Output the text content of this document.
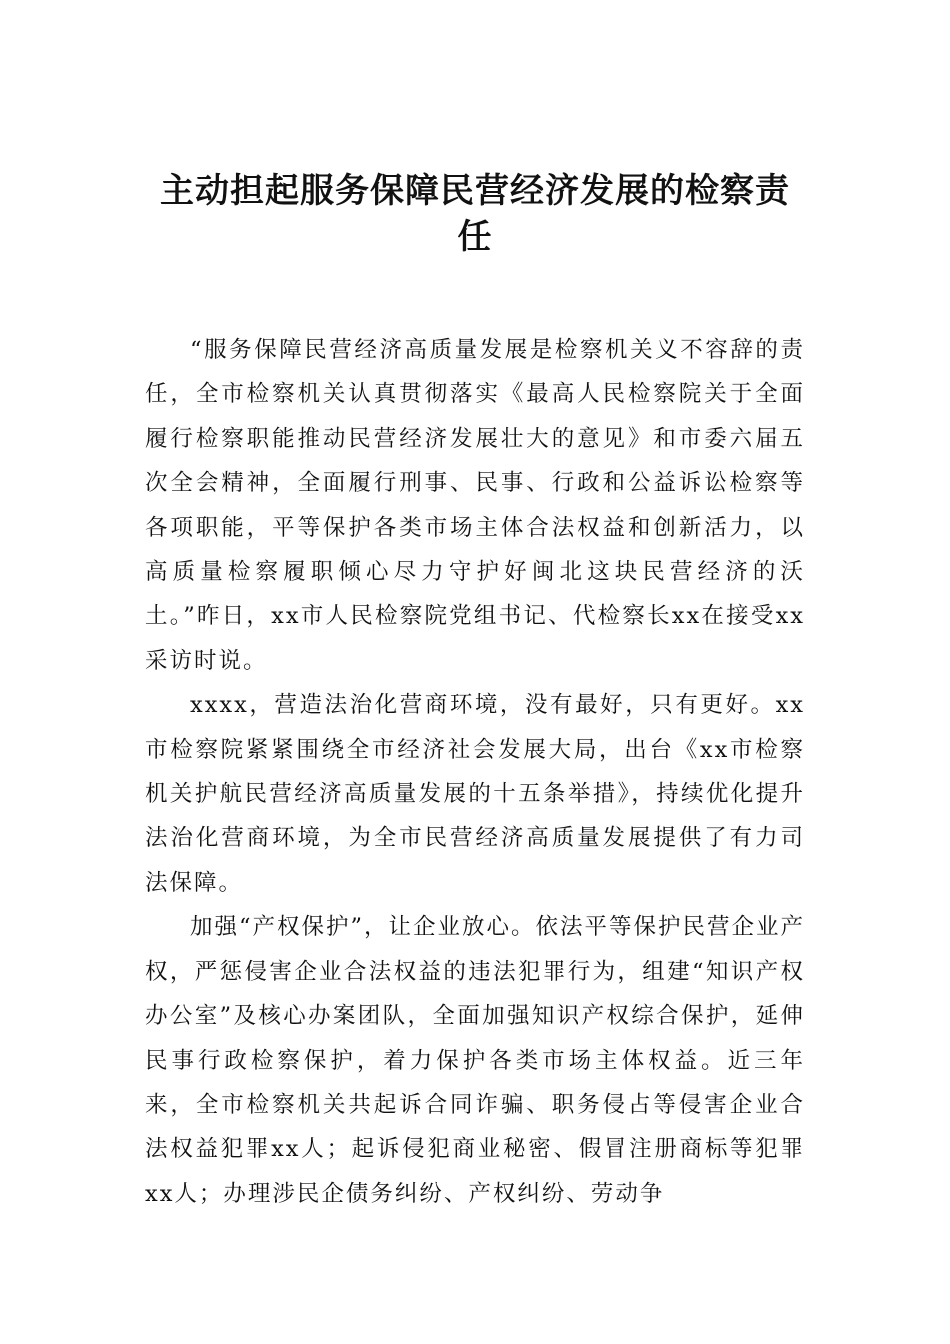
主动担起服务保障民营经济发展的检察责任

“服务保障民营经济高质量发展是检察机关义不容辞的责任，全市检察机关认真贯彻落实《最高人民检察院关于全面履行检察职能推动民营经济发展壮大的意见》和市委六届五次全会精神，全面履行刑事、民事、行政和公益诉讼检察等各项职能，平等保护各类市场主体合法权益和创新活力，以高质量检察履职倾心尽力守护好闽北这块民营经济的沃土。”昨日，xx市人民检察院党组书记、代检察长xx在接受xx采访时说。

xxxx，营造法治化营商环境，没有最好，只有更好。xx市检察院紧紧围绕全市经济社会发展大局，出台《xx市检察机关护航民营经济高质量发展的十五条举措》，持续优化提升法治化营商环境，为全市民营经济高质量发展提供了有力司法保障。

加强“产权保护”，让企业放心。依法平等保护民营企业产权，严惩侵害企业合法权益的违法犯罪行为，组建“知识产权办公室”及核心办案团队，全面加强知识产权综合保护，延伸民事行政检察保护，着力保护各类市场主体权益。近三年来，全市检察机关共起诉合同诈骗、职务侵占等侵害企业合法权益犯罪xx人；起诉侵犯商业秘密、假冒注册商标等犯罪xx人；办理涉民企债务纠纷、产权纠纷、劳动争
